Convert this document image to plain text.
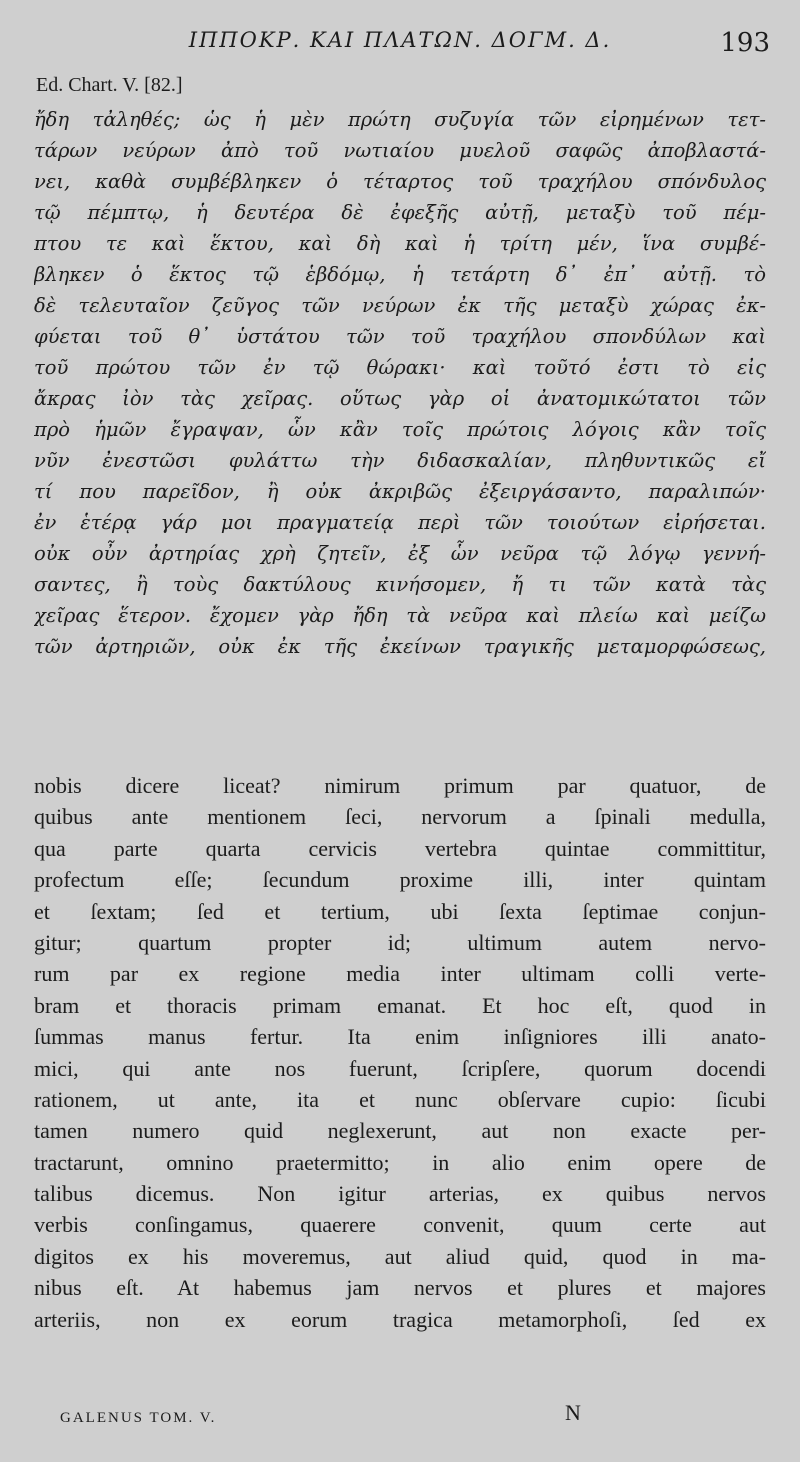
ΙΠΠΟΚΡ. ΚΑΙ ΠΛΑΤΩΝ. ΔΟΓΜ. Δ.	193
Ed. Chart. V. [82.]
ἤδη τἀληθές; ὡς ἡ μὲν πρώτη συζυγία τῶν εἰρημένων τετ-
τάρων νεύρων ἀπὸ τοῦ νωτιαίου μυελοῦ σαφῶς ἀποβλαστά-
νει, καθὰ συμβέβληκεν ὁ τέταρτος τοῦ τραχήλου σπόνδυλος
τῷ πέμπτῳ, ἡ δευτέρα δὲ ἐφεξῆς αὐτῇ, μεταξὺ τοῦ πέμ-
πτου τε καὶ ἕκτου, καὶ δὴ καὶ ἡ τρίτη μέν, ἵνα συμβέ-
βληκεν ὁ ἕκτος τῷ ἑβδόμῳ, ἡ τετάρτη δ᾽ ἐπ᾽ αὐτῇ. τὸ
δὲ τελευταῖον ζεῦγος τῶν νεύρων ἐκ τῆς μεταξὺ χώρας ἐκ-
φύεται τοῦ θ᾽ ὑστάτου τῶν τοῦ τραχήλου σπονδύλων καὶ
τοῦ πρώτου τῶν ἐν τῷ θώρακι· καὶ τοῦτό ἐστι τὸ εἰς
ἄκρας ἰὸν τὰς χεῖρας. οὕτως γὰρ οἱ ἀνατομικώτατοι τῶν
πρὸ ἡμῶν ἔγραψαν, ὧν κἂν τοῖς πρώτοις λόγοις κἂν τοῖς
νῦν ἐνεστῶσι φυλάττω τὴν διδασκαλίαν, πληθυντικῶς εἴ
τί που παρεῖδον, ἢ οὐκ ἀκριβῶς ἐξειργάσαντο, παραλιπών·
ἐν ἑτέρᾳ γάρ μοι πραγματείᾳ περὶ τῶν τοιούτων εἰρήσεται.
οὐκ οὖν ἀρτηρίας χρὴ ζητεῖν, ἐξ ὧν νεῦρα τῷ λόγῳ γεννή-
σαντες, ἢ τοὺς δακτύλους κινήσομεν, ἤ τι τῶν κατὰ τὰς
χεῖρας ἕτερον. ἔχομεν γὰρ ἤδη τὰ νεῦρα καὶ πλείω καὶ μείζω
τῶν ἀρτηριῶν, οὐκ ἐκ τῆς ἐκείνων τραγικῆς μεταμορφώσεως,
nobis dicere liceat? nimirum primum par quatuor, de
quibus ante mentionem ſeci, nervorum a ſpinali medulla,
qua parte quarta cervicis vertebra quintae committitur,
profectum eſſe; ſecundum proxime illi, inter quintam
et ſextam; ſed et tertium, ubi ſexta ſeptimae conjun-
gitur; quartum propter id; ultimum autem nervo-
rum par ex regione media inter ultimam colli verte-
bram et thoracis primam emanat. Et hoc eſt, quod in
ſummas manus fertur. Ita enim inſigniores illi anato-
mici, qui ante nos fuerunt, ſcripſere, quorum docendi
rationem, ut ante, ita et nunc obſervare cupio: ſicubi
tamen numero quid neglexerunt, aut non exacte per-
tractarunt, omnino praetermitto; in alio enim opere de
talibus dicemus. Non igitur arterias, ex quibus nervos
verbis conſingamus, quaerere convenit, quum certe aut
digitos ex his moveremus, aut aliud quid, quod in ma-
nibus eſt. At habemus jam nervos et plures et majores
arteriis, non ex eorum tragica metamorphoſi, ſed ex
GALENUS TOM. V.	N
